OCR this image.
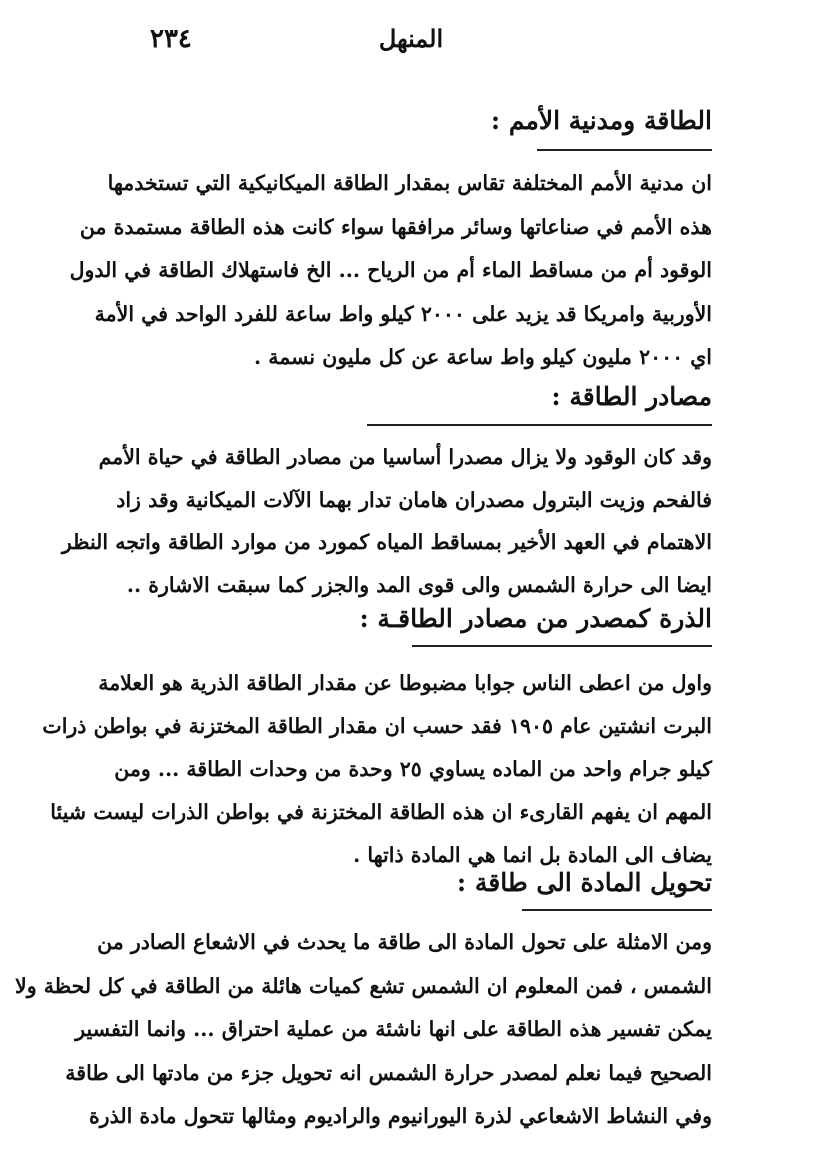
٢٣٤	المنهل
الطاقة ومدنية الأمم :
ان مدنية الأمم المختلفة تقاس بمقدار الطاقة الميكانيكية التي تستخدمها
هذه الأمم في صناعاتها وسائر مرافقها سواء كانت هذه الطاقة مستمدة من
الوقود أم من مساقط الماء أم من الرياح ... الخ فاستهلاك الطاقة في الدول
الأوربية وامريكا قد يزيد على ٢٠٠٠ كيلو واط ساعة للفرد الواحد في الأمة
اي ٢٠٠٠ مليون كيلو واط ساعة عن كل مليون نسمة .
مصادر الطاقة :
وقد كان الوقود ولا يزال مصدرا أساسيا من مصادر الطاقة في حياة الأمم
فالفحم وزيت البترول مصدران هامان تدار بهما الآلات الميكانية وقد زاد
الاهتمام في العهد الأخير بمساقط المياه كمورد من موارد الطاقة واتجه النظر
ايضا الى حرارة الشمس والى قوى المد والجزر كما سبقت الاشارة ..
الذرة كمصدر من مصادر الطاقـة :
واول من اعطى الناس جوابا مضبوطا عن مقدار الطاقة الذرية هو العلامة
البرت انشتين عام ١٩٠٥ فقد حسب ان مقدار الطاقة المختزنة في بواطن ذرات
كيلو جرام واحد من الماده يساوي ٢٥ وحدة من وحدات الطاقة ... ومن
المهم ان يفهم القارىء ان هذه الطاقة المختزنة في بواطن الذرات ليست شيئا
يضاف الى المادة بل انما هي المادة ذاتها .
تحويل المادة الى طاقة :
ومن الامثلة على تحول المادة الى طاقة ما يحدث في الاشعاع الصادر من
الشمس ، فمن المعلوم ان الشمس تشع كميات هائلة من الطاقة في كل لحظة ولا
يمكن تفسير هذه الطاقة على انها ناشئة من عملية احتراق ... وانما التفسير
الصحيح فيما نعلم لمصدر حرارة الشمس انه تحويل جزء من مادتها الى طاقة
وفي النشاط الاشعاعي لذرة اليورانيوم والراديوم ومثالها تتحول مادة الذرة
